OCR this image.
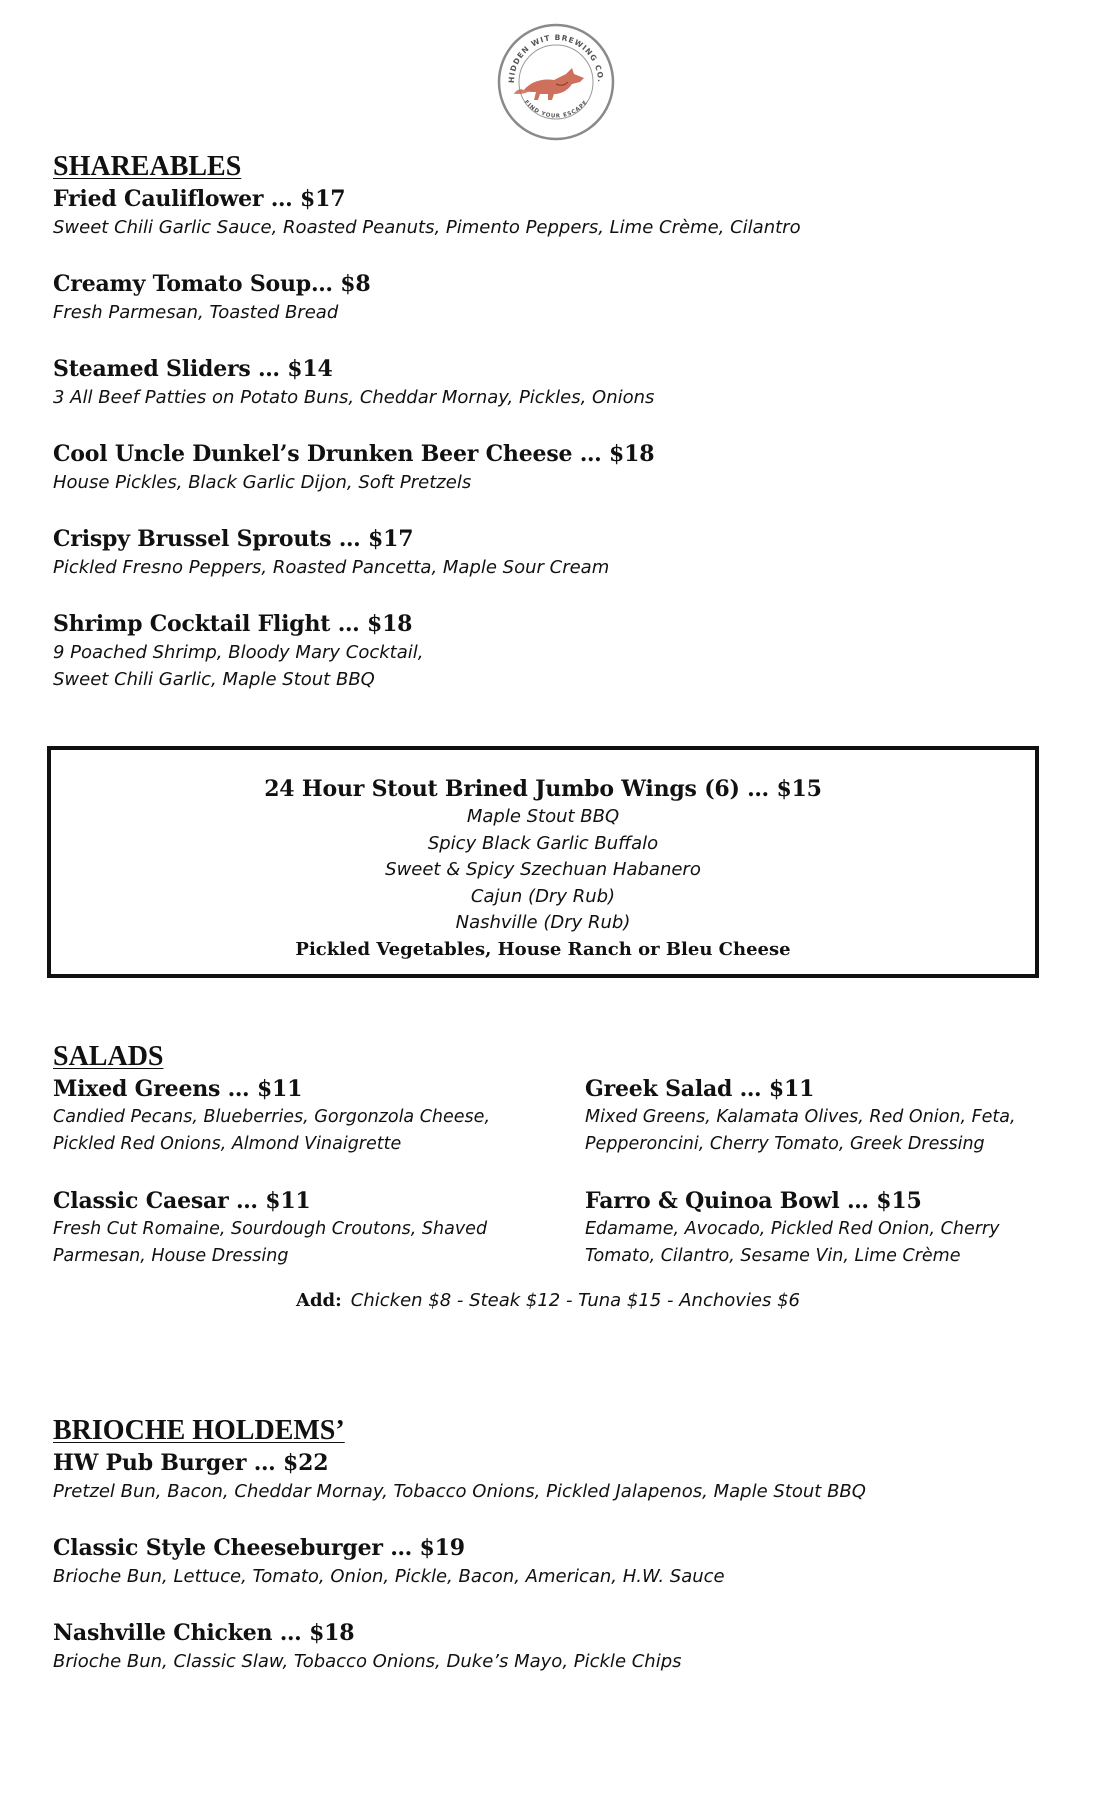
HIDDEN WIT BREWING CO.
FIND YOUR ESCAPE
SHAREABLES

Fried Cauliflower … $17

Sweet Chili Garlic Sauce, Roasted Peanuts, Pimento Peppers, Lime Crème, Cilantro

Creamy Tomato Soup… $8

Fresh Parmesan, Toasted Bread

Steamed Sliders … $14

3 All Beef Patties on Potato Buns, Cheddar Mornay, Pickles, Onions

Cool Uncle Dunkel’s Drunken Beer Cheese … $18

House Pickles, Black Garlic Dijon, Soft Pretzels

Crispy Brussel Sprouts … $17

Pickled Fresno Peppers, Roasted Pancetta, Maple Sour Cream

Shrimp Cocktail Flight … $18

9 Poached Shrimp, Bloody Mary Cocktail,

Sweet Chili Garlic, Maple Stout BBQ

24 Hour Stout Brined Jumbo Wings (6) … $15

Maple Stout BBQ

Spicy Black Garlic Buffalo

Sweet & Spicy Szechuan Habanero

Cajun (Dry Rub)

Nashville (Dry Rub)

Pickled Vegetables, House Ranch or Bleu Cheese

SALADS

Mixed Greens … $11

Candied Pecans, Blueberries, Gorgonzola Cheese,

Pickled Red Onions, Almond Vinaigrette

Greek Salad … $11

Mixed Greens, Kalamata Olives, Red Onion, Feta,

Pepperoncini, Cherry Tomato, Greek Dressing

Classic Caesar … $11

Fresh Cut Romaine, Sourdough Croutons, Shaved

Parmesan, House Dressing

Farro & Quinoa Bowl … $15

Edamame, Avocado, Pickled Red Onion, Cherry

Tomato, Cilantro, Sesame Vin, Lime Crème

Add: Chicken $8 - Steak $12 - Tuna $15 - Anchovies $6
BRIOCHE HOLDEMS’

HW Pub Burger … $22

Pretzel Bun, Bacon, Cheddar Mornay, Tobacco Onions, Pickled Jalapenos, Maple Stout BBQ

Classic Style Cheeseburger … $19

Brioche Bun, Lettuce, Tomato, Onion, Pickle, Bacon, American, H.W. Sauce

Nashville Chicken … $18

Brioche Bun, Classic Slaw, Tobacco Onions, Duke’s Mayo, Pickle Chips
